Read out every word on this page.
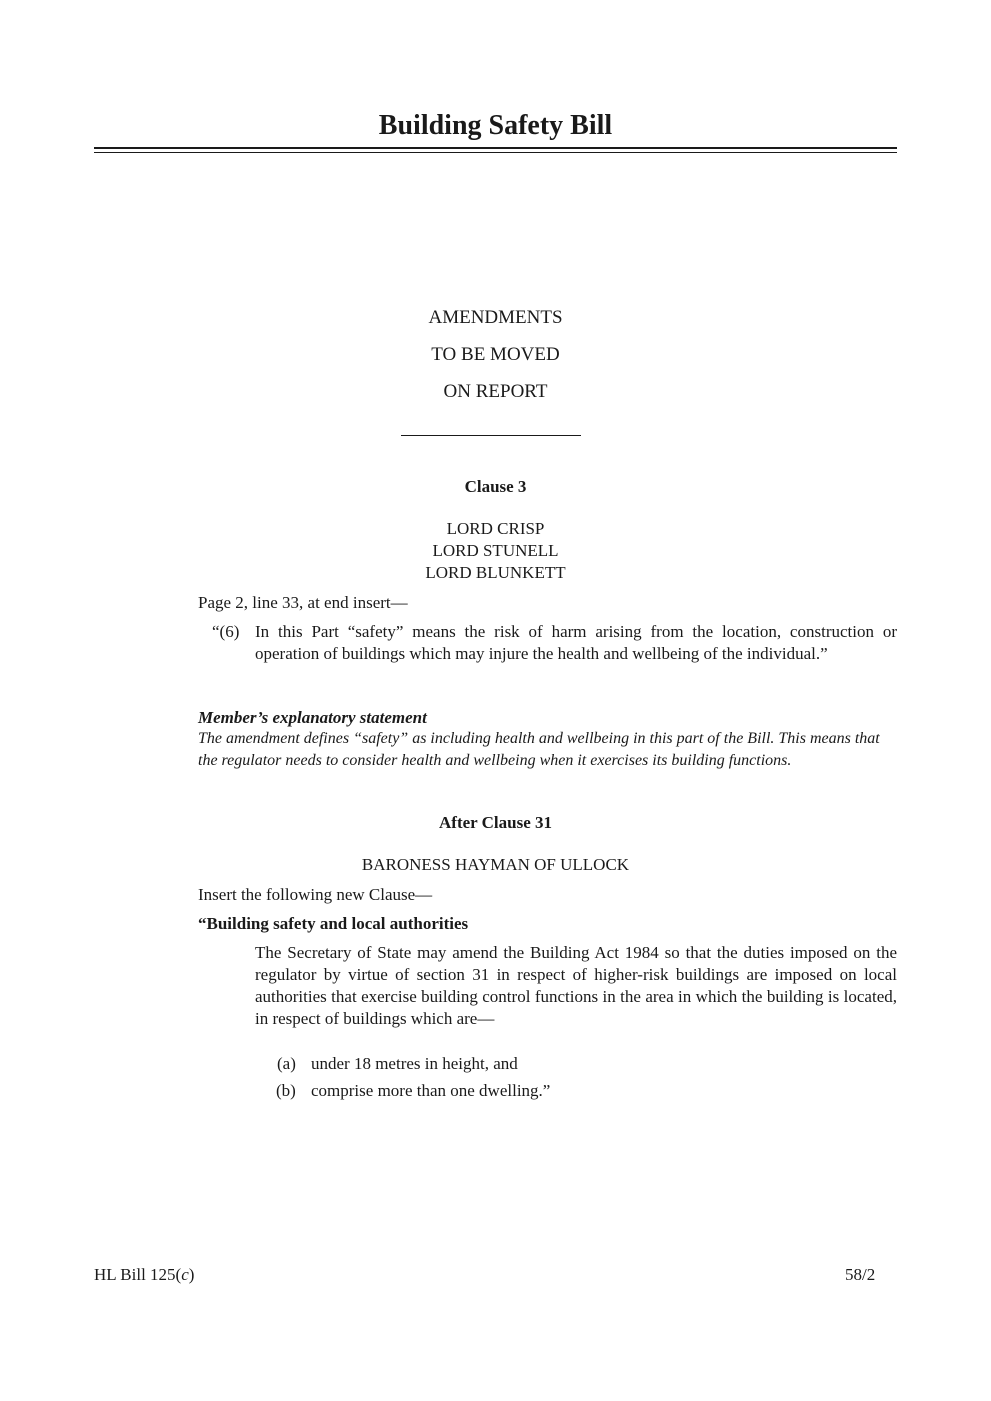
Building Safety Bill
AMENDMENTS
TO BE MOVED
ON REPORT
Clause 3
LORD CRISP
LORD STUNELL
LORD BLUNKETT
Page 2, line 33, at end insert—
“(6) In this Part “safety” means the risk of harm arising from the location, construction or operation of buildings which may injure the health and wellbeing of the individual.”
Member’s explanatory statement
The amendment defines “safety” as including health and wellbeing in this part of the Bill. This means that the regulator needs to consider health and wellbeing when it exercises its building functions.
After Clause 31
BARONESS HAYMAN OF ULLOCK
Insert the following new Clause—
“Building safety and local authorities
The Secretary of State may amend the Building Act 1984 so that the duties imposed on the regulator by virtue of section 31 in respect of higher-risk buildings are imposed on local authorities that exercise building control functions in the area in which the building is located, in respect of buildings which are—
(a) under 18 metres in height, and
(b) comprise more than one dwelling.”
HL Bill 125(c)	58/2
